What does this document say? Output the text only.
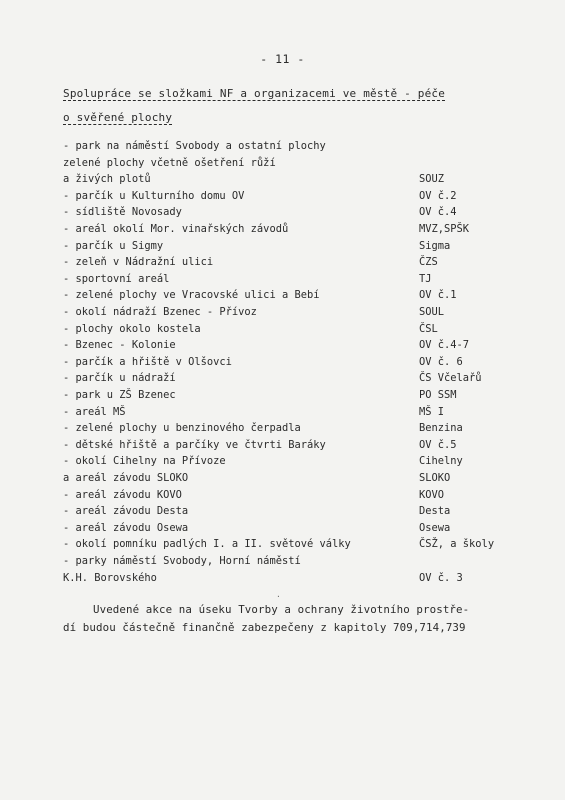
- 11 -
Spolupráce se složkami NF a organizacemi ve městě - péče
o svěřené plochy
- park na náměstí Svobody a ostatní plochy
zelené plochy včetně ošetření růží
a živých plotů	SOUZ
- parčík u Kulturního domu OV	OV č.2
- sídliště Novosady	OV č.4
- areál okolí Mor. vinařských závodů	MVZ,SPŠK
- parčík u Sigmy	Sigma
- zeleň v Nádražní ulici	ČZS
- sportovní areál	TJ
- zelené plochy ve Vracovské ulici a Bebí	OV č.1
- okolí nádraží Bzenec - Přívoz	SOUL
- plochy okolo kostela	ČSL
- Bzenec - Kolonie	OV č.4-7
- parčík a hřiště v Olšovci	OV č. 6
- parčík u nádraží	ČS Včelařů
- park u ZŠ Bzenec	PO SSM
- areál MŠ	MŠ I
- zelené plochy u benzinového čerpadla	Benzina
- dětské hřiště a parčíky ve čtvrti Baráky	OV č.5
- okolí Cihelny na Přívoze	Cihelny
a areál závodu SLOKO	SLOKO
- areál závodu KOVO	KOVO
- areál závodu Desta	Desta
- areál závodu Osewa	Osewa
- okolí pomníku padlých I. a II. světové války	ČSŽ, a školy
- parky náměstí Svobody, Horní náměstí
K.H. Borovského	OV č. 3
·
Uvedené akce na úseku Tvorby a ochrany životního prostře-
dí budou částečně finančně zabezpečeny z kapitoly 709,714,739
